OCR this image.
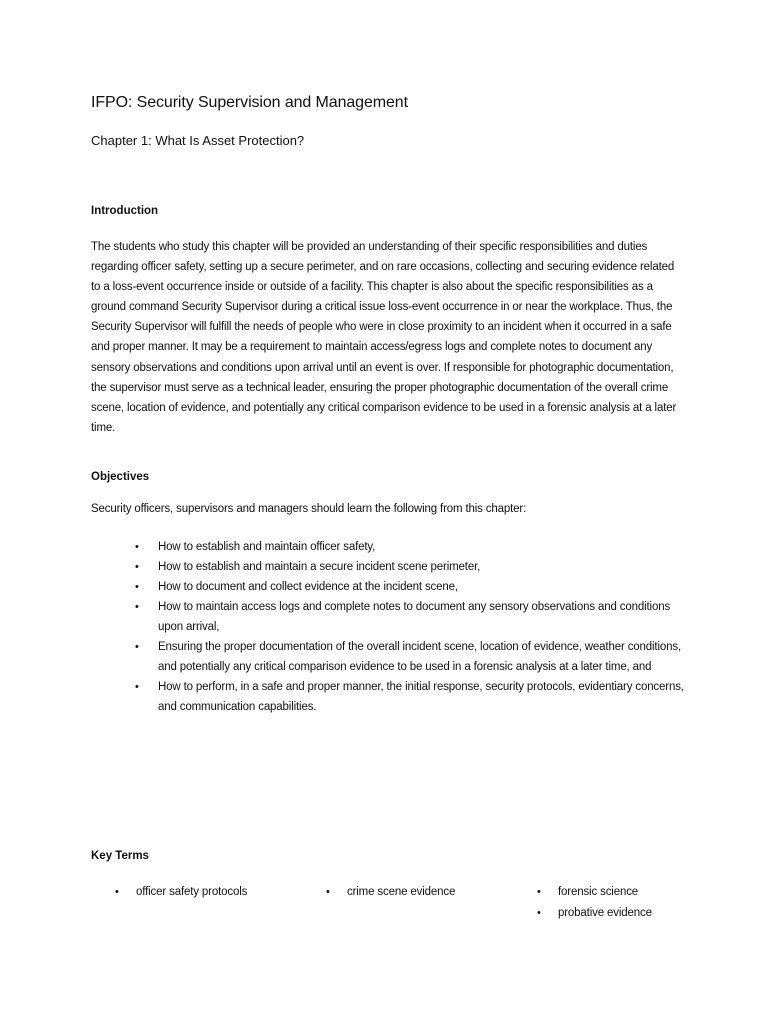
IFPO: Security Supervision and Management
Chapter 1: What Is Asset Protection?
Introduction
The students who study this chapter will be provided an understanding of their specific responsibilities and duties regarding officer safety, setting up a secure perimeter, and on rare occasions, collecting and securing evidence related to a loss-event occurrence inside or outside of a facility. This chapter is also about the specific responsibilities as a ground command Security Supervisor during a critical issue loss-event occurrence in or near the workplace. Thus, the Security Supervisor will fulfill the needs of people who were in close proximity to an incident when it occurred in a safe and proper manner. It may be a requirement to maintain access/egress logs and complete notes to document any sensory observations and conditions upon arrival until an event is over. If responsible for photographic documentation, the supervisor must serve as a technical leader, ensuring the proper photographic documentation of the overall crime scene, location of evidence, and potentially any critical comparison evidence to be used in a forensic analysis at a later time.
Objectives
Security officers, supervisors and managers should learn the following from this chapter:
• How to establish and maintain officer safety,
• How to establish and maintain a secure incident scene perimeter,
• How to document and collect evidence at the incident scene,
• How to maintain access logs and complete notes to document any sensory observations and conditions upon arrival,
• Ensuring the proper documentation of the overall incident scene, location of evidence, weather conditions, and potentially any critical comparison evidence to be used in a forensic analysis at a later time, and
• How to perform, in a safe and proper manner, the initial response, security protocols, evidentiary concerns, and communication capabilities.
Key Terms
• officer safety protocols	• crime scene evidence	• forensic science
• probative evidence
